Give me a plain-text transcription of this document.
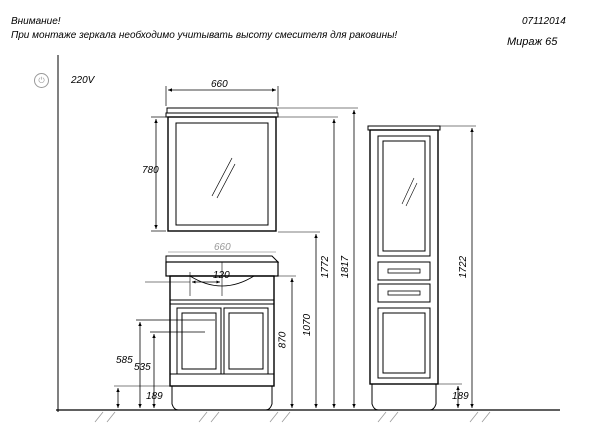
Внимание!
При монтаже зеркала необходимо учитывать высоту смесителя для раковины!
07112014
Мираж 65
⏻	220V	660
780
660
120
585
535
189	189
870
1070
1772 1817	1722
